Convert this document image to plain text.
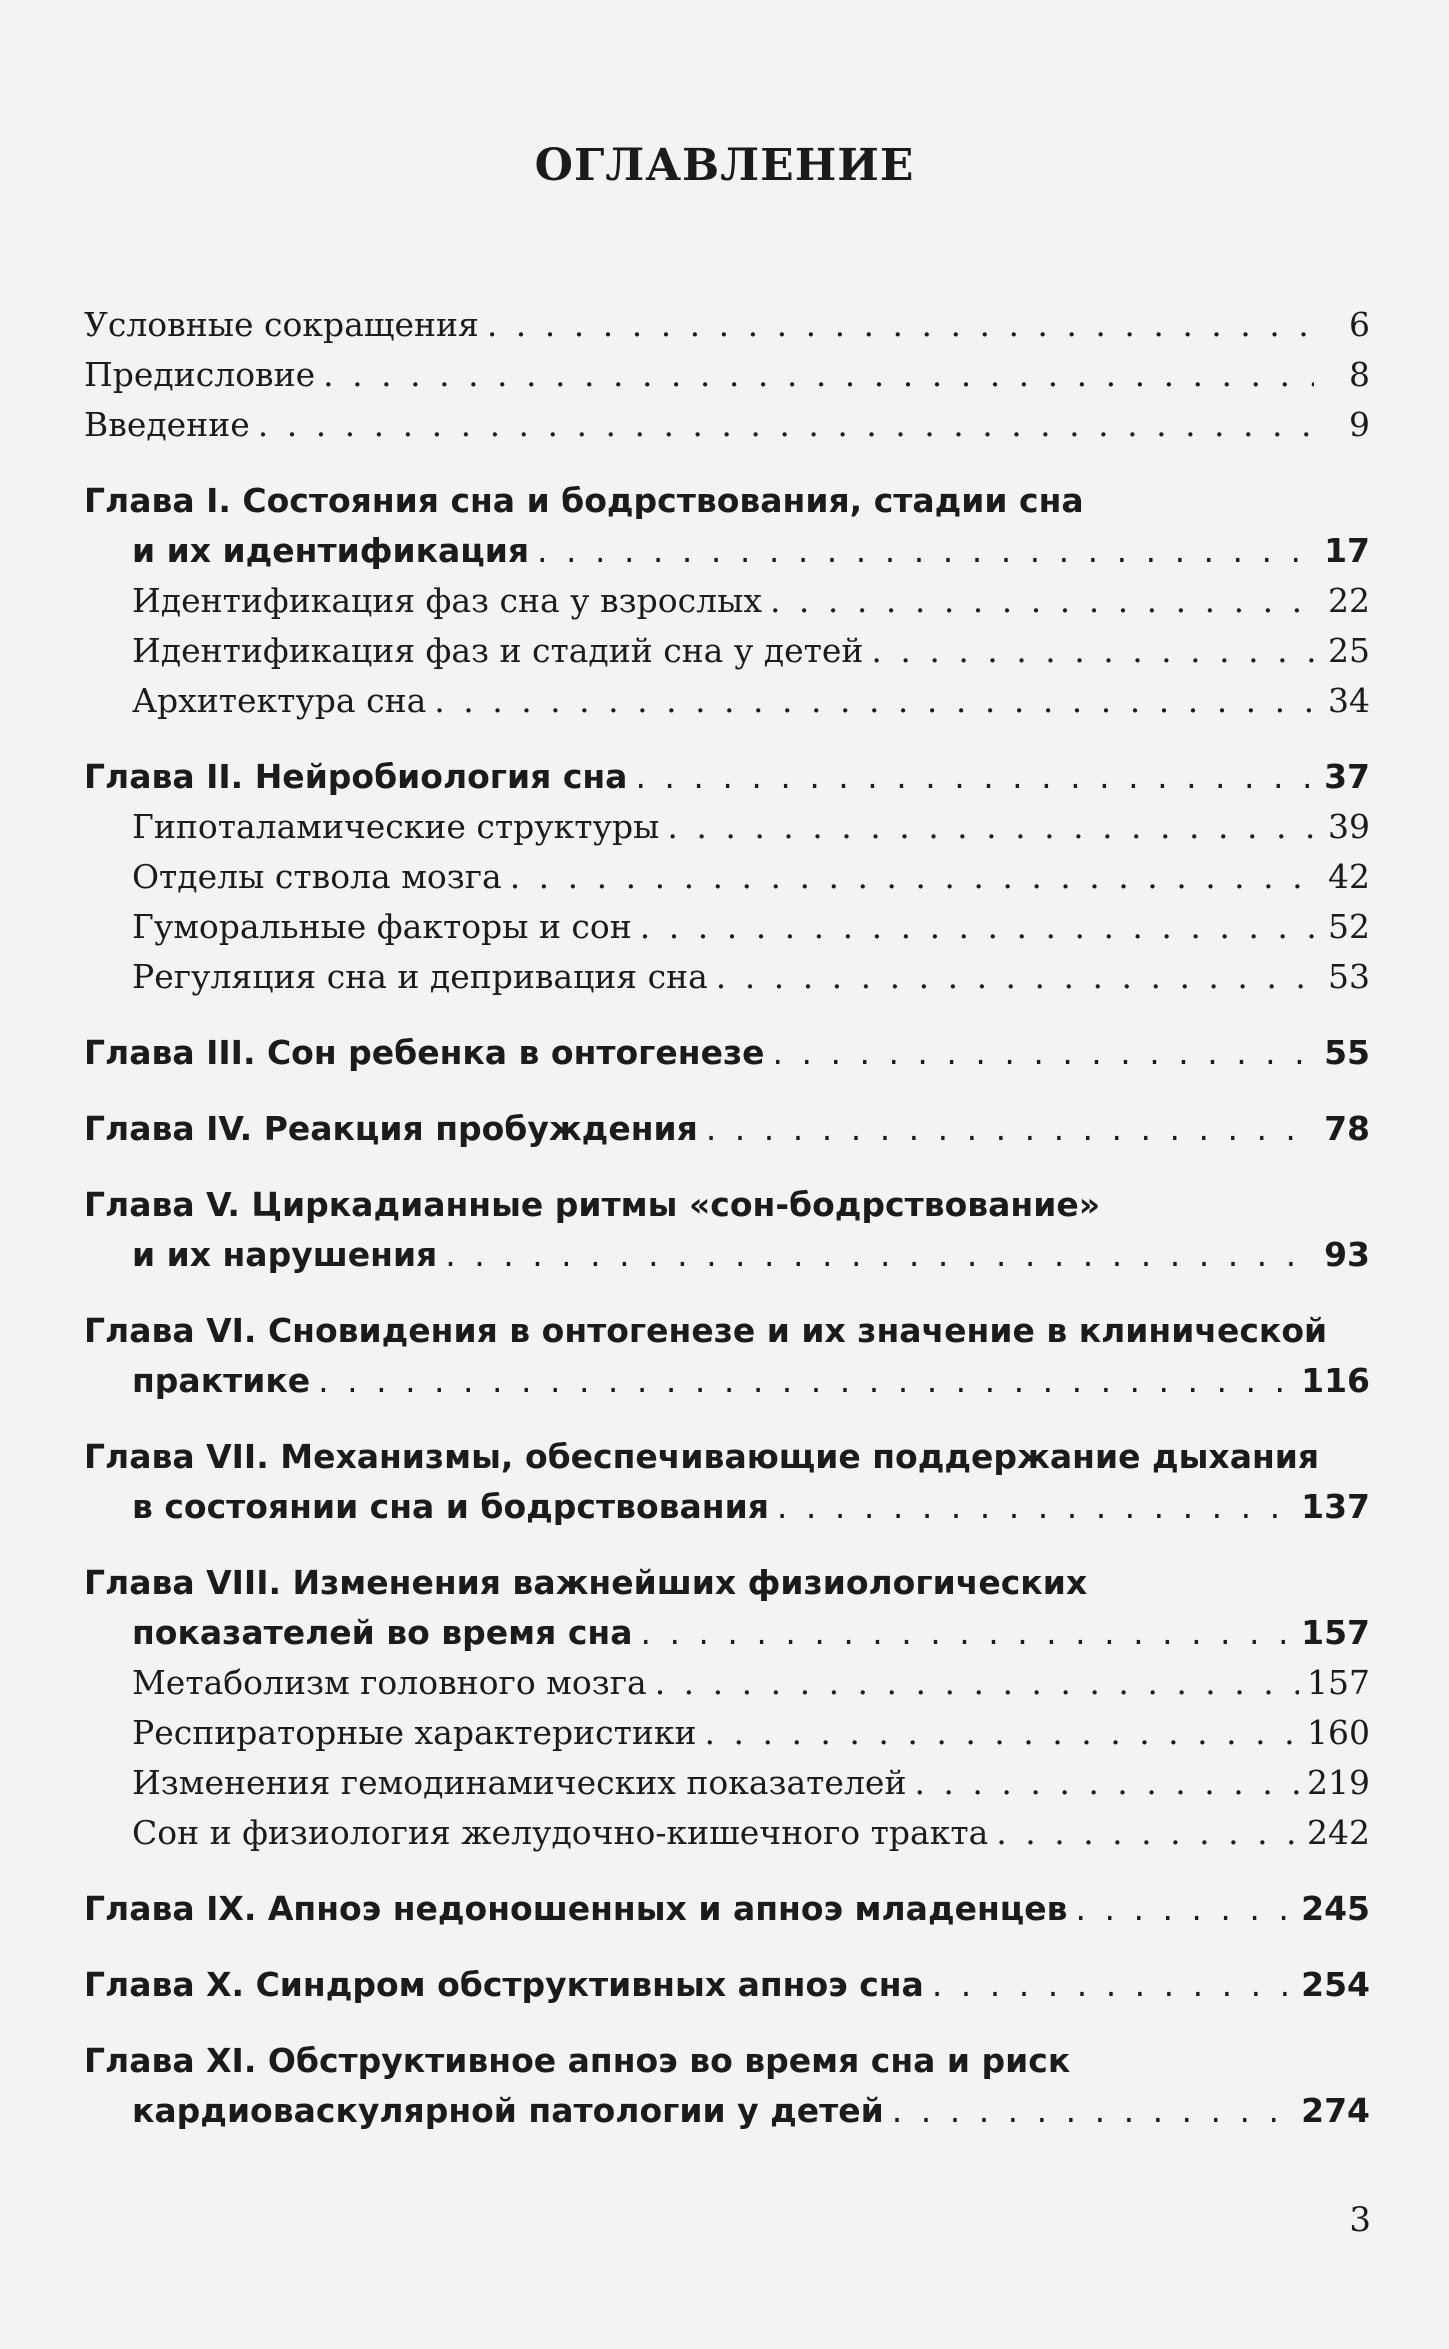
ОГЛАВЛЕНИЕ
Условные сокращения . . .	6
Предисловие . . .	8
Введение . . .	9
Глава I. Состояния сна и бодрствования, стадии сна
и их идентификация . . .	17
Идентификация фаз сна у взрослых . . .	22
Идентификация фаз и стадий сна у детей . . .	25
Архитектура сна . . .	34
Глава II. Нейробиология сна . . .	37
Гипоталамические структуры . . .	39
Отделы ствола мозга . . .	42
Гуморальные факторы и сон . . .	52
Регуляция сна и депривация сна . . .	53
Глава III. Сон ребенка в онтогенезе . . .	55
Глава IV. Реакция пробуждения . . .	78
Глава V. Циркадианные ритмы «сон-бодрствование»
и их нарушения . . .	93
Глава VI. Сновидения в онтогенезе и их значение в клинической
практике . . .	116
Глава VII. Механизмы, обеспечивающие поддержание дыхания
в состоянии сна и бодрствования . . .	137
Глава VIII. Изменения важнейших физиологических
показателей во время сна . . .	157
Метаболизм головного мозга . . .	157
Респираторные характеристики . . .	160
Изменения гемодинамических показателей . . .	219
Сон и физиология желудочно-кишечного тракта . . .	242
Глава IX. Апноэ недоношенных и апноэ младенцев . . .	245
Глава X. Синдром обструктивных апноэ сна . . .	254
Глава XI. Обструктивное апноэ во время сна и риск
кардиоваскулярной патологии у детей . . .	274
3
